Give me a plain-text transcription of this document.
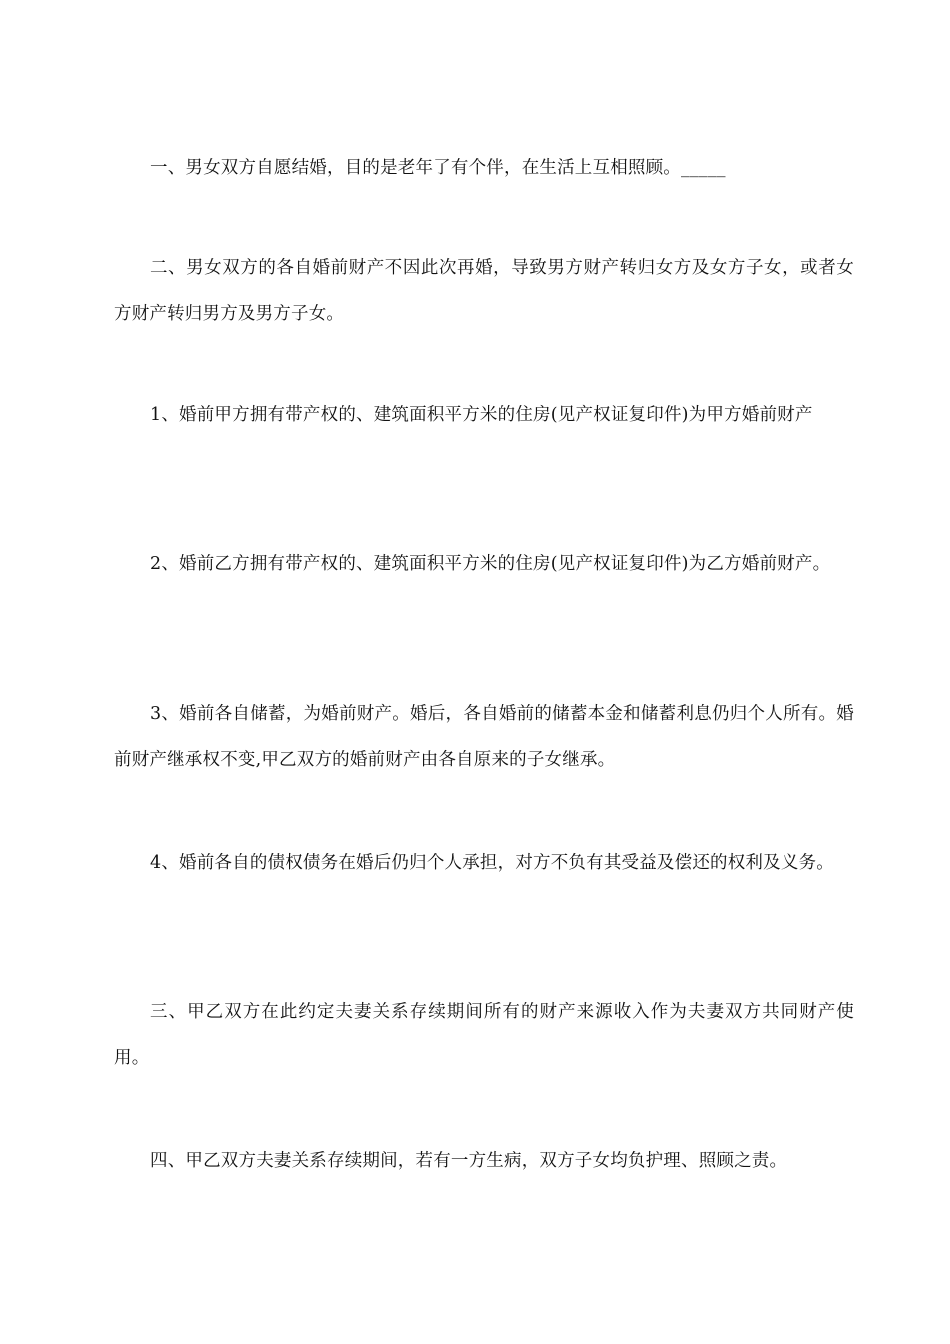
一、男女双方自愿结婚，目的是老年了有个伴，在生活上互相照顾。_____

二、男女双方的各自婚前财产不因此次再婚，导致男方财产转归女方及女方子女，或者女方财产转归男方及男方子女。

1、婚前甲方拥有带产权的、建筑面积平方米的住房(见产权证复印件)为甲方婚前财产

2、婚前乙方拥有带产权的、建筑面积平方米的住房(见产权证复印件)为乙方婚前财产。

3、婚前各自储蓄，为婚前财产。婚后，各自婚前的储蓄本金和储蓄利息仍归个人所有。婚前财产继承权不变,甲乙双方的婚前财产由各自原来的子女继承。

4、婚前各自的债权债务在婚后仍归个人承担，对方不负有其受益及偿还的权利及义务。

三、甲乙双方在此约定夫妻关系存续期间所有的财产来源收入作为夫妻双方共同财产使用。

四、甲乙双方夫妻关系存续期间，若有一方生病，双方子女均负护理、照顾之责。
